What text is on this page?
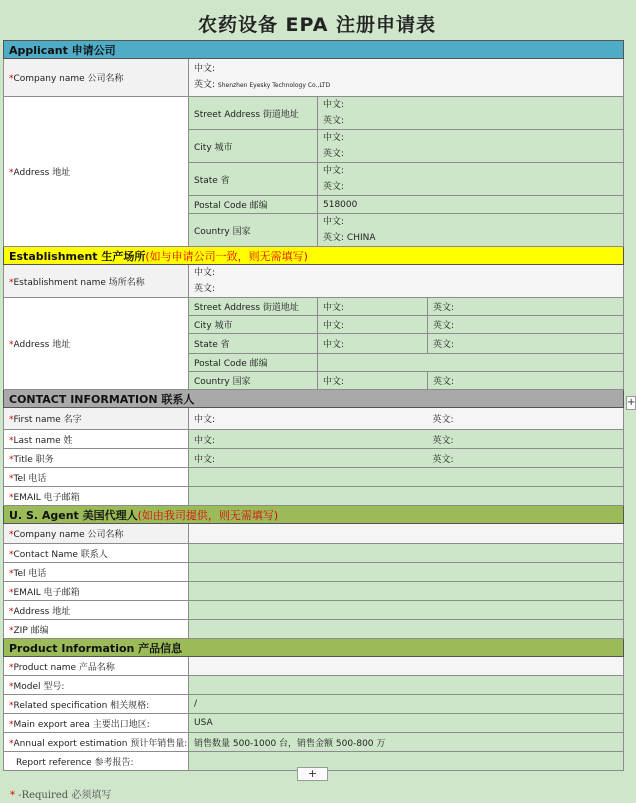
农药设备 EPA 注册申请表
Applicant 申请公司			
*Company name 公司名称	中文:
英文: Shenzhen Eyesky Technology Co.,LTD		

*Address 地址	Street Address 街道地址	中文:
英文:	

	City 城市	中文:
英文:	

	State 省	中文:
英文:	

	Postal Code 邮编	518000	
	Country 国家	中文:
英文: CHINA	

Establishment 生产场所(如与申请公司一致，则无需填写)			
*Establishment name 场所名称	中文:
英文:		

*Address 地址	Street Address 街道地址	中文:	英文:
	City 城市	中文:	英文:
	State 省	中文:	英文:
	Postal Code 邮编		
	Country 国家	中文:	英文:
CONTACT INFORMATION 联系人			
*First name 名字	中文:		英文:
*Last name 姓	中文:		英文:
*Title 职务	中文:		英文:
*Tel 电话			
*EMAIL 电子邮箱			
U. S. Agent 美国代理人(如由我司提供，则无需填写)			
*Company name 公司名称			
*Contact Name 联系人			
*Tel 电话			
*EMAIL 电子邮箱			
*Address 地址			
*ZIP 邮编			
Product Information 产品信息			
*Product name 产品名称			
*Model 型号:			
*Related specification 相关规格:	/		
*Main export area 主要出口地区:	USA		
*Annual export estimation 预计年销售量:	销售数量 500-1000 台，销售金额 500-800 万		
Report reference 参考报告:			
+
+
* -Required 必须填写
